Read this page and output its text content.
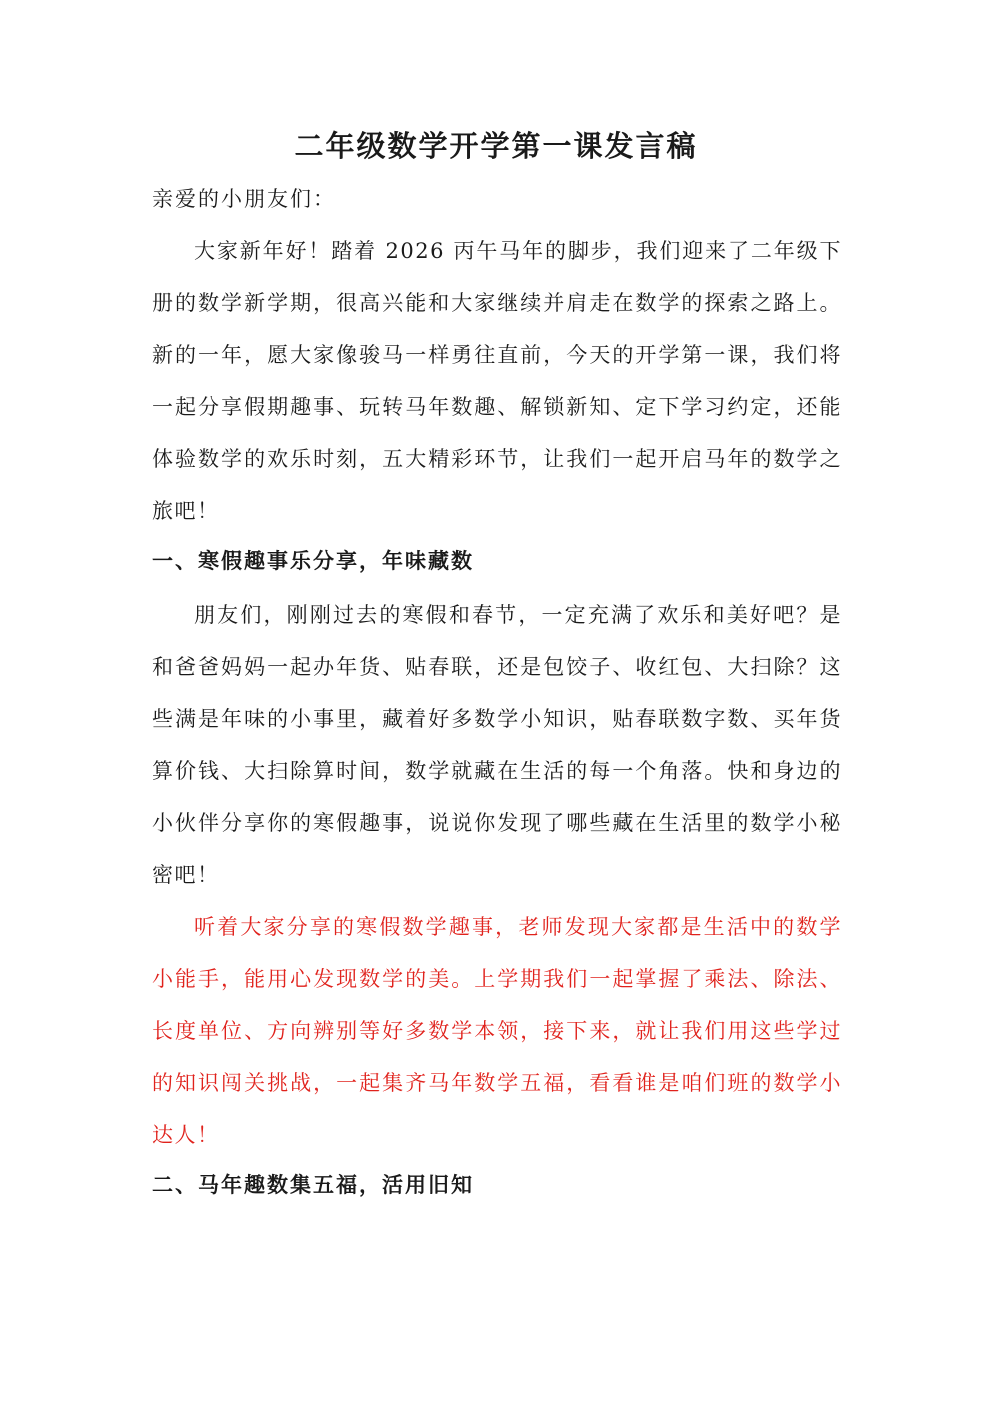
二年级数学开学第一课发言稿

亲爱的小朋友们：

大家新年好！踏着 2026 丙午马年的脚步，我们迎来了二年级下册的数学新学期，很高兴能和大家继续并肩走在数学的探索之路上。新的一年，愿大家像骏马一样勇往直前，今天的开学第一课，我们将一起分享假期趣事、玩转马年数趣、解锁新知、定下学习约定，还能体验数学的欢乐时刻，五大精彩环节，让我们一起开启马年的数学之旅吧！

一、寒假趣事乐分享，年味藏数

朋友们，刚刚过去的寒假和春节，一定充满了欢乐和美好吧？是和爸爸妈妈一起办年货、贴春联，还是包饺子、收红包、大扫除？这些满是年味的小事里，藏着好多数学小知识，贴春联数字数、买年货算价钱、大扫除算时间，数学就藏在生活的每一个角落。快和身边的小伙伴分享你的寒假趣事，说说你发现了哪些藏在生活里的数学小秘密吧！

听着大家分享的寒假数学趣事，老师发现大家都是生活中的数学小能手，能用心发现数学的美。上学期我们一起掌握了乘法、除法、长度单位、方向辨别等好多数学本领，接下来，就让我们用这些学过的知识闯关挑战，一起集齐马年数学五福，看看谁是咱们班的数学小达人！

二、马年趣数集五福，活用旧知
